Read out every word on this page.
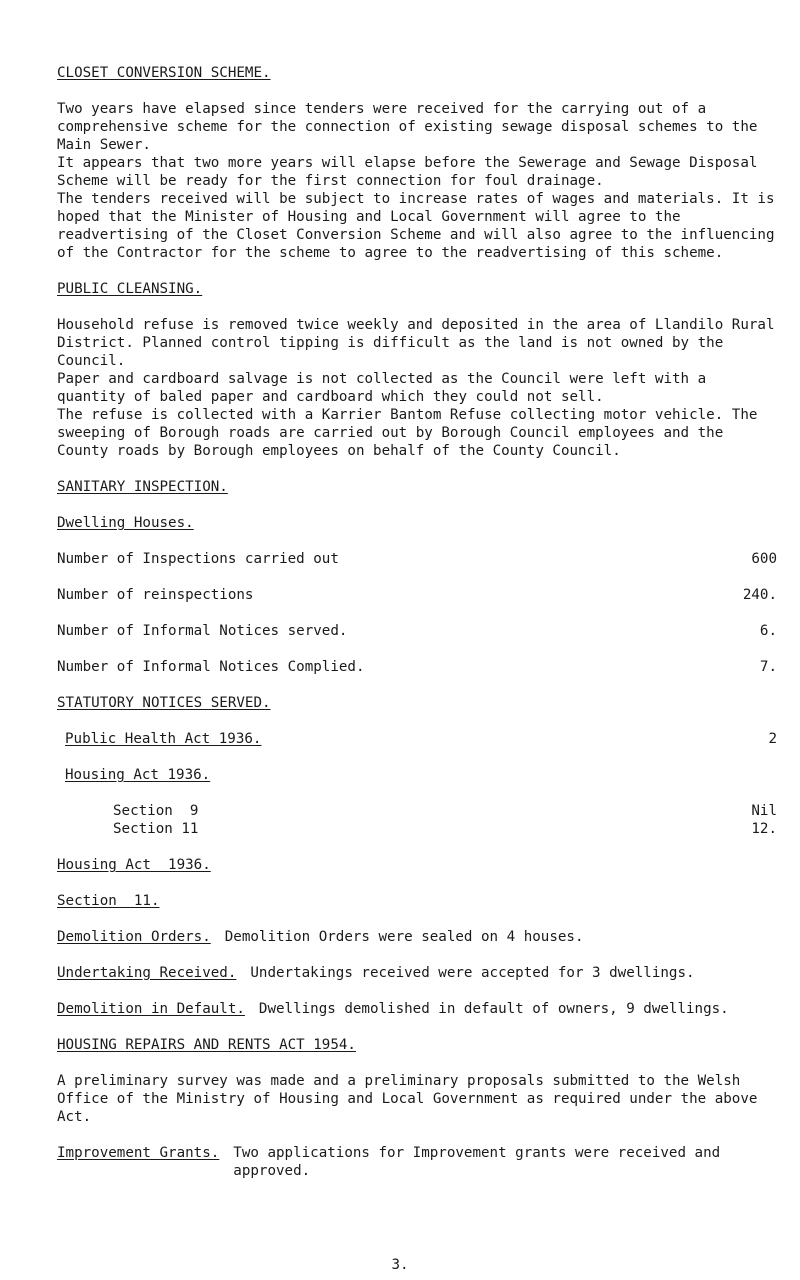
CLOSET CONVERSION SCHEME.

Two years have elapsed since tenders were received for the carrying out of a comprehensive scheme for the connection of existing sewage disposal schemes to the Main Sewer.
It appears that two more years will elapse before the Sewerage and Sewage Disposal Scheme will be ready for the first connection for foul drainage.
The tenders received will be subject to increase rates of wages and materials. It is hoped that the Minister of Housing and Local Government will agree to the readvertising of the Closet Conversion Scheme and will also agree to the influencing of the Contractor for the scheme to agree to the readvertising of this scheme.

PUBLIC CLEANSING.

Household refuse is removed twice weekly and deposited in the area of Llandilo Rural District. Planned control tipping is difficult as the land is not owned by the Council.
Paper and cardboard salvage is not collected as the Council were left with a quantity of baled paper and cardboard which they could not sell.
The refuse is collected with a Karrier Bantom Refuse collecting motor vehicle. The sweeping of Borough roads are carried out by Borough Council employees and the County roads by Borough employees on behalf of the County Council.

SANITARY INSPECTION.
Dwelling Houses.
Number of Inspections carried out	600
Number of reinspections	240.
Number of Informal Notices served.	6.
Number of Informal Notices Complied.	7.
STATUTORY NOTICES SERVED.
Public Health Act 1936.	2
Housing Act 1936.
Section  9	Nil
Section 11	12.
Housing Act  1936.
Section  11.
Demolition Orders. Demolition Orders were sealed on 4 houses.
Undertaking Received. Undertakings received were accepted for 3 dwellings.
Demolition in Default. Dwellings demolished in default of owners, 9 dwellings.
HOUSING REPAIRS AND RENTS ACT 1954.

A preliminary survey was made and a preliminary proposals submitted to the Welsh Office of the Ministry of Housing and Local Government as required under the above Act.

Improvement Grants. Two applications for Improvement grants were received and approved.
3.
